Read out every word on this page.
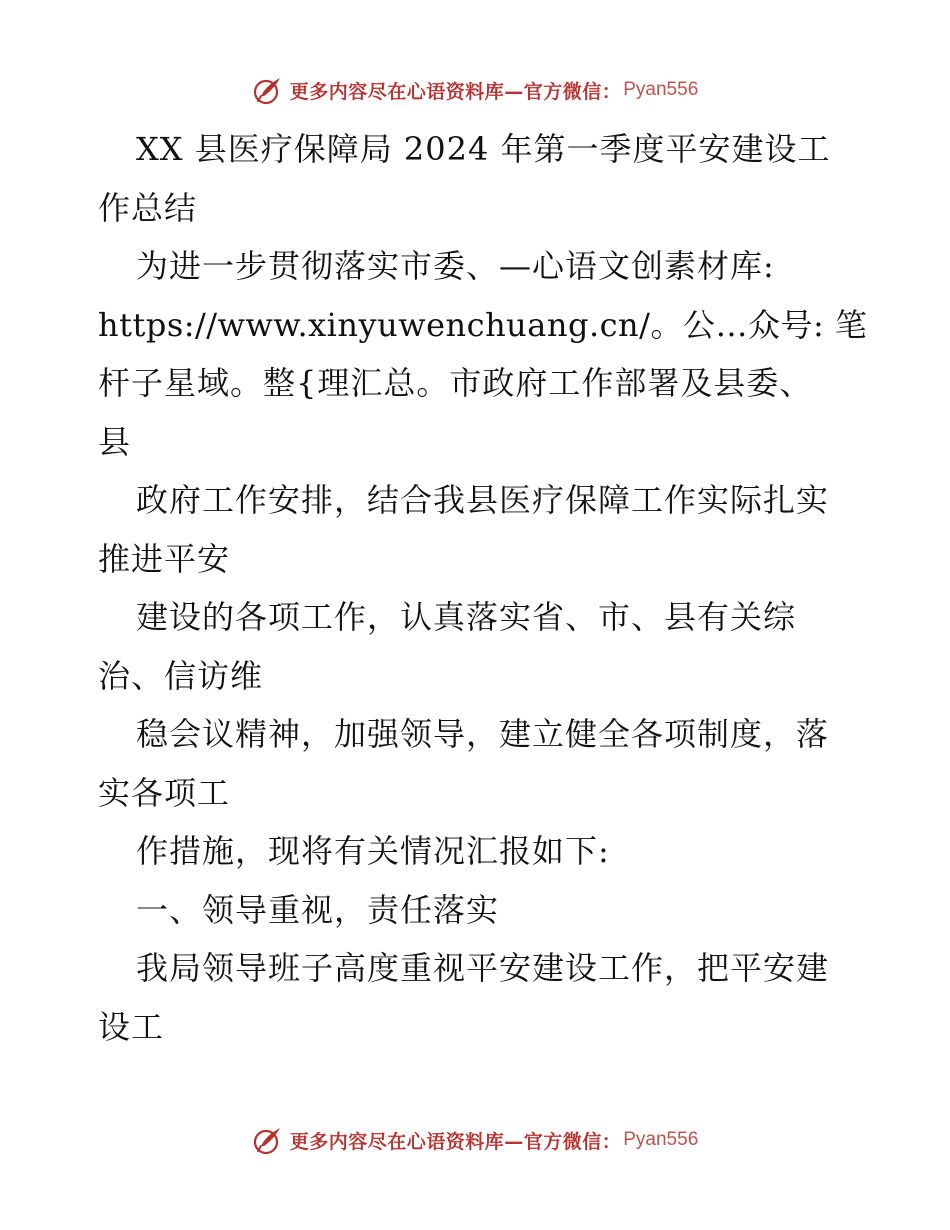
更多内容尽在心语资料库—官方微信： Pyan556
XX 县医疗保障局 2024 年第一季度平安建设工
作总结
为进一步贯彻落实市委、—心语文创素材库:
https://www.xinyuwenchuang.cn/。公…众号: 笔
杆子星域。整{理汇总。市政府工作部署及县委、
县
政府工作安排，结合我县医疗保障工作实际扎实
推进平安
建设的各项工作，认真落实省、市、县有关综
治、信访维
稳会议精神，加强领导，建立健全各项制度，落
实各项工
作措施，现将有关情况汇报如下:
一、领导重视，责任落实
我局领导班子高度重视平安建设工作，把平安建
设工
更多内容尽在心语资料库—官方微信： Pyan556
